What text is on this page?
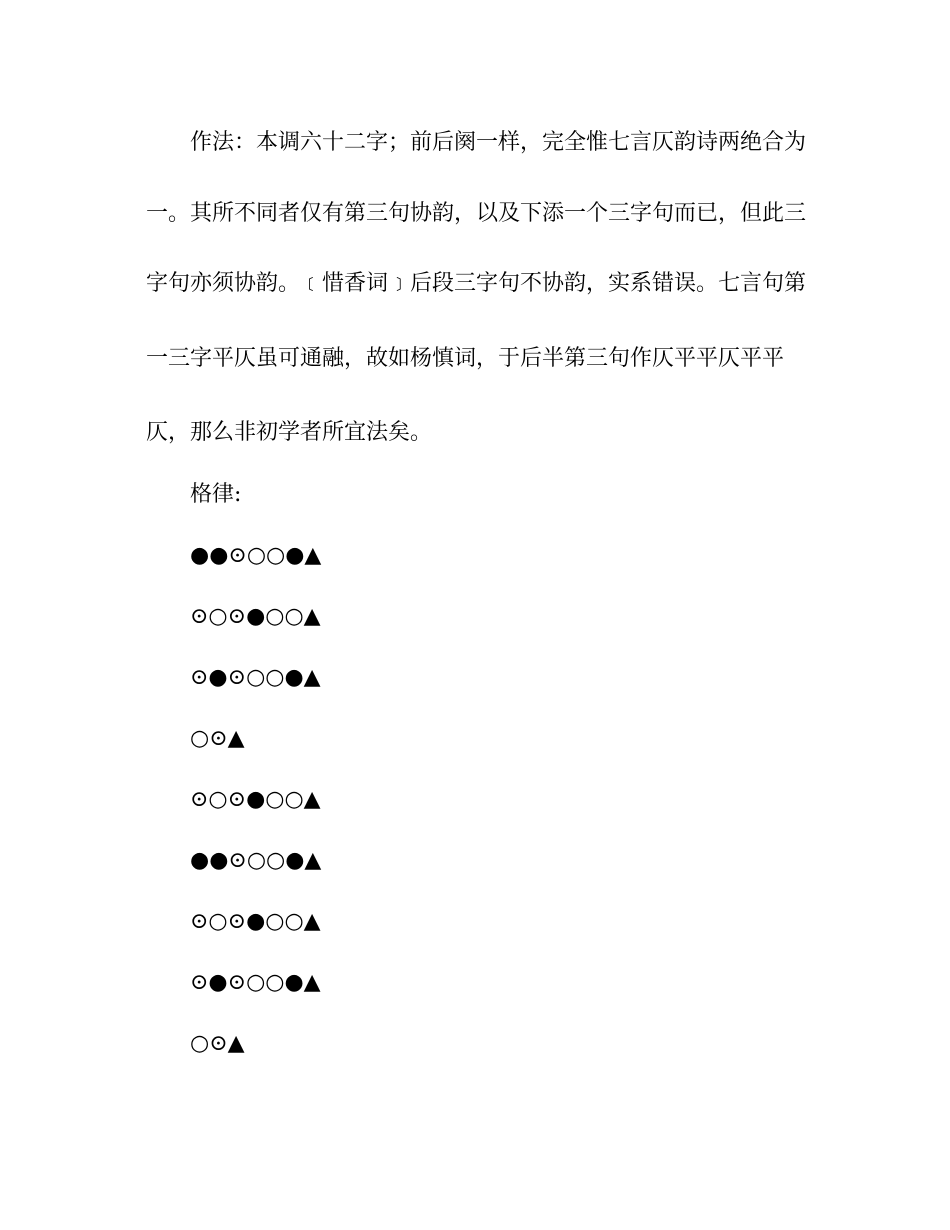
作法：本调六十二字；前后阕一样，完全惟七言仄韵诗两绝合为
一。其所不同者仅有第三句协韵，以及下添一个三字句而已，但此三
字句亦须协韵。﹝惜香词﹞后段三字句不协韵，实系错误。七言句第
一三字平仄虽可通融，故如杨慎词，于后半第三句作仄平平仄平平
仄，那么非初学者所宜法矣。
格律:
●●⊙○○●▲
⊙○⊙●○○▲
⊙●⊙○○●▲
○⊙▲
⊙○⊙●○○▲
●●⊙○○●▲
⊙○⊙●○○▲
⊙●⊙○○●▲
○⊙▲
